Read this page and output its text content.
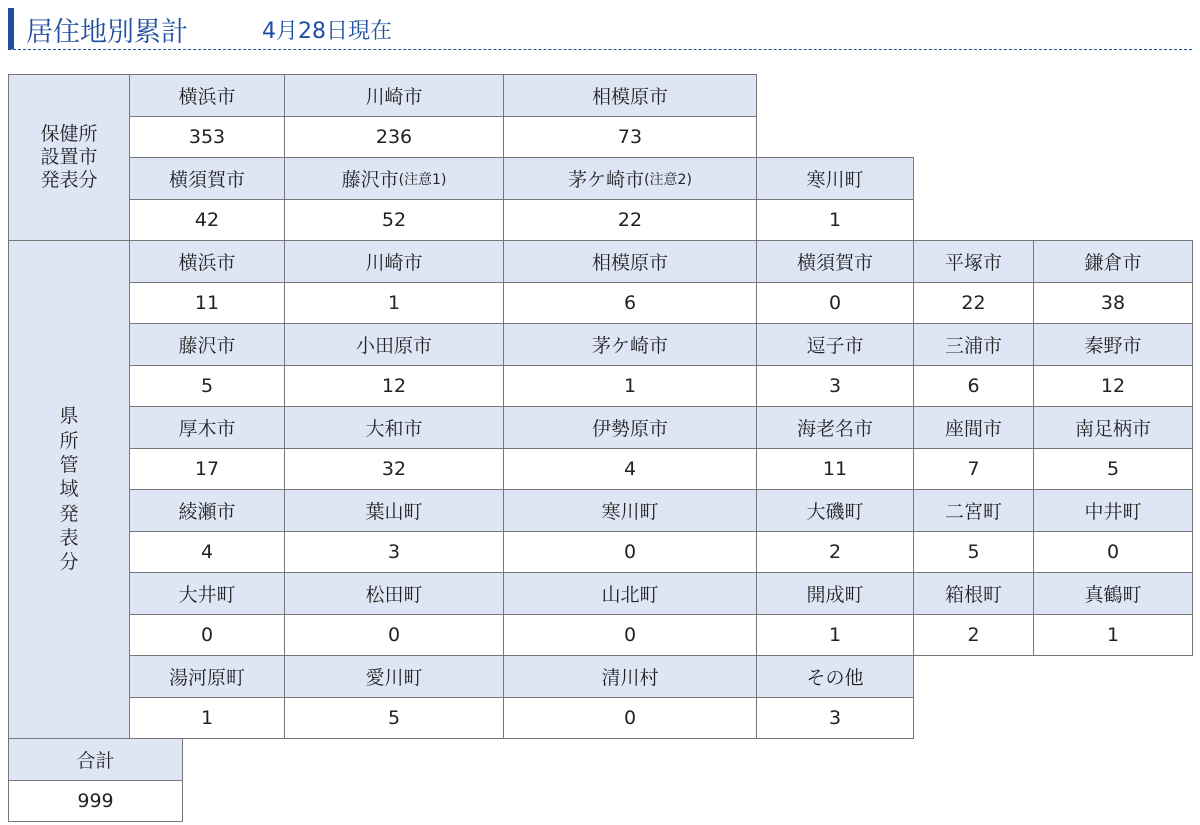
居住地別累計	4月28日現在
保健所
設置市
発表分
横浜市	川崎市	相模原市
353	236	73
横須賀市	藤沢市 (注意1)	茅ケ崎市 (注意2)	寒川町
42	52	22	1
県
所
管
域
発
表
分
横浜市	川崎市	相模原市	横須賀市	平塚市	鎌倉市
11	1	6	0	22	38
藤沢市	小田原市	茅ケ崎市	逗子市	三浦市	秦野市
5	12	1	3	6	12
厚木市	大和市	伊勢原市	海老名市	座間市	南足柄市
17	32	4	11	7	5
綾瀬市	葉山町	寒川町	大磯町	二宮町	中井町
4	3	0	2	5	0
大井町	松田町	山北町	開成町	箱根町	真鶴町
0	0	0	1	2	1
湯河原町	愛川町	清川村	その他
1	5	0	3
合計
999
